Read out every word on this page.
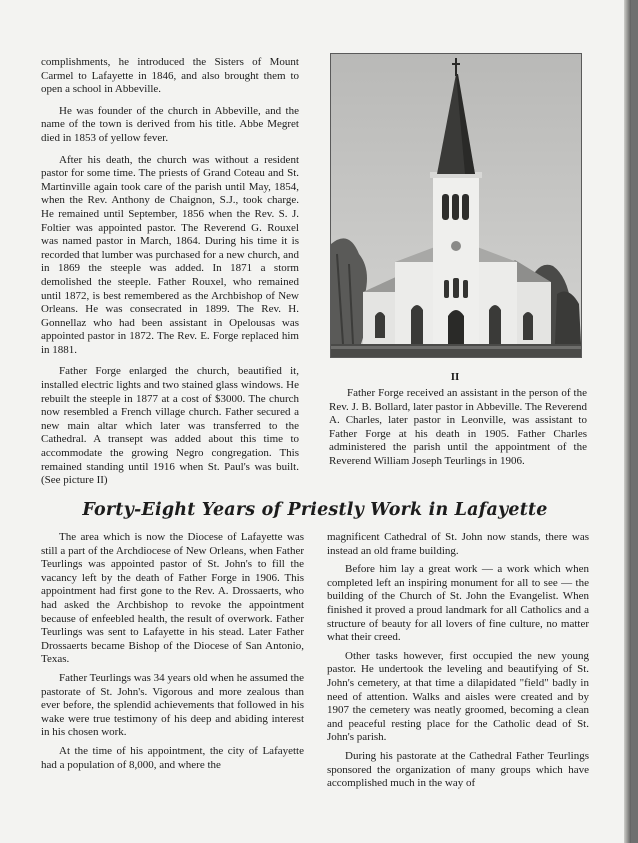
complishments, he introduced the Sisters of Mount Carmel to Lafayette in 1846, and also brought them to open a school in Abbeville.

He was founder of the church in Abbeville, and the name of the town is derived from his title. Abbe Megret died in 1853 of yellow fever.

After his death, the church was without a resident pastor for some time. The priests of Grand Coteau and St. Martinville again took care of the parish until May, 1854, when the Rev. Anthony de Chaignon, S.J., took charge. He remained until September, 1856 when the Rev. S. J. Foltier was appointed pastor. The Reverend G. Rouxel was named pastor in March, 1864. During his time it is recorded that lumber was purchased for a new church, and in 1869 the steeple was added. In 1871 a storm demolished the steeple. Father Rouxel, who remained until 1872, is best remembered as the Archbishop of New Orleans. He was consecrated in 1899. The Rev. H. Gonnellaz who had been assistant in Opelousas was appointed pastor in 1872. The Rev. E. Forge replaced him in 1881.

Father Forge enlarged the church, beautified it, installed electric lights and two stained glass windows. He rebuilt the steeple in 1877 at a cost of $3000. The church now resembled a French village church. Father secured a new main altar which later was transferred to the Cathedral. A transept was added about this time to accommodate the growing Negro congregation. This remained standing until 1916 when St. Paul's was built. (See picture II)

II

Father Forge received an assistant in the person of the Rev. J. B. Bollard, later pastor in Abbeville. The Reverend A. Charles, later pastor in Leonville, was assistant to Father Forge at his death in 1905. Father Charles administered the parish until the appointment of the Reverend William Joseph Teurlings in 1906.

Forty-Eight Years of Priestly Work in Lafayette

The area which is now the Diocese of Lafayette was still a part of the Archdiocese of New Orleans, when Father Teurlings was appointed pastor of St. John's to fill the vacancy left by the death of Father Forge in 1906. This appointment had first gone to the Rev. A. Drossaerts, who had asked the Archbishop to revoke the appointment because of enfeebled health, the result of overwork. Father Teurlings was sent to Lafayette in his stead. Later Father Drossaerts became Bishop of the Diocese of San Antonio, Texas.

Father Teurlings was 34 years old when he assumed the pastorate of St. John's. Vigorous and more zealous than ever before, the splendid achievements that followed in his wake were true testimony of his deep and abiding interest in his chosen work.

At the time of his appointment, the city of Lafayette had a population of 8,000, and where the

magnificent Cathedral of St. John now stands, there was instead an old frame building.

Before him lay a great work — a work which when completed left an inspiring monument for all to see — the building of the Church of St. John the Evangelist. When finished it proved a proud landmark for all Catholics and a structure of beauty for all lovers of fine culture, no matter what their creed.

Other tasks however, first occupied the new young pastor. He undertook the leveling and beautifying of St. John's cemetery, at that time a dilapidated "field" badly in need of attention. Walks and aisles were created and by 1907 the cemetery was neatly groomed, becoming a clean and peaceful resting place for the Catholic dead of St. John's parish.

During his pastorate at the Cathedral Father Teurlings sponsored the organization of many groups which have accomplished much in the way of
